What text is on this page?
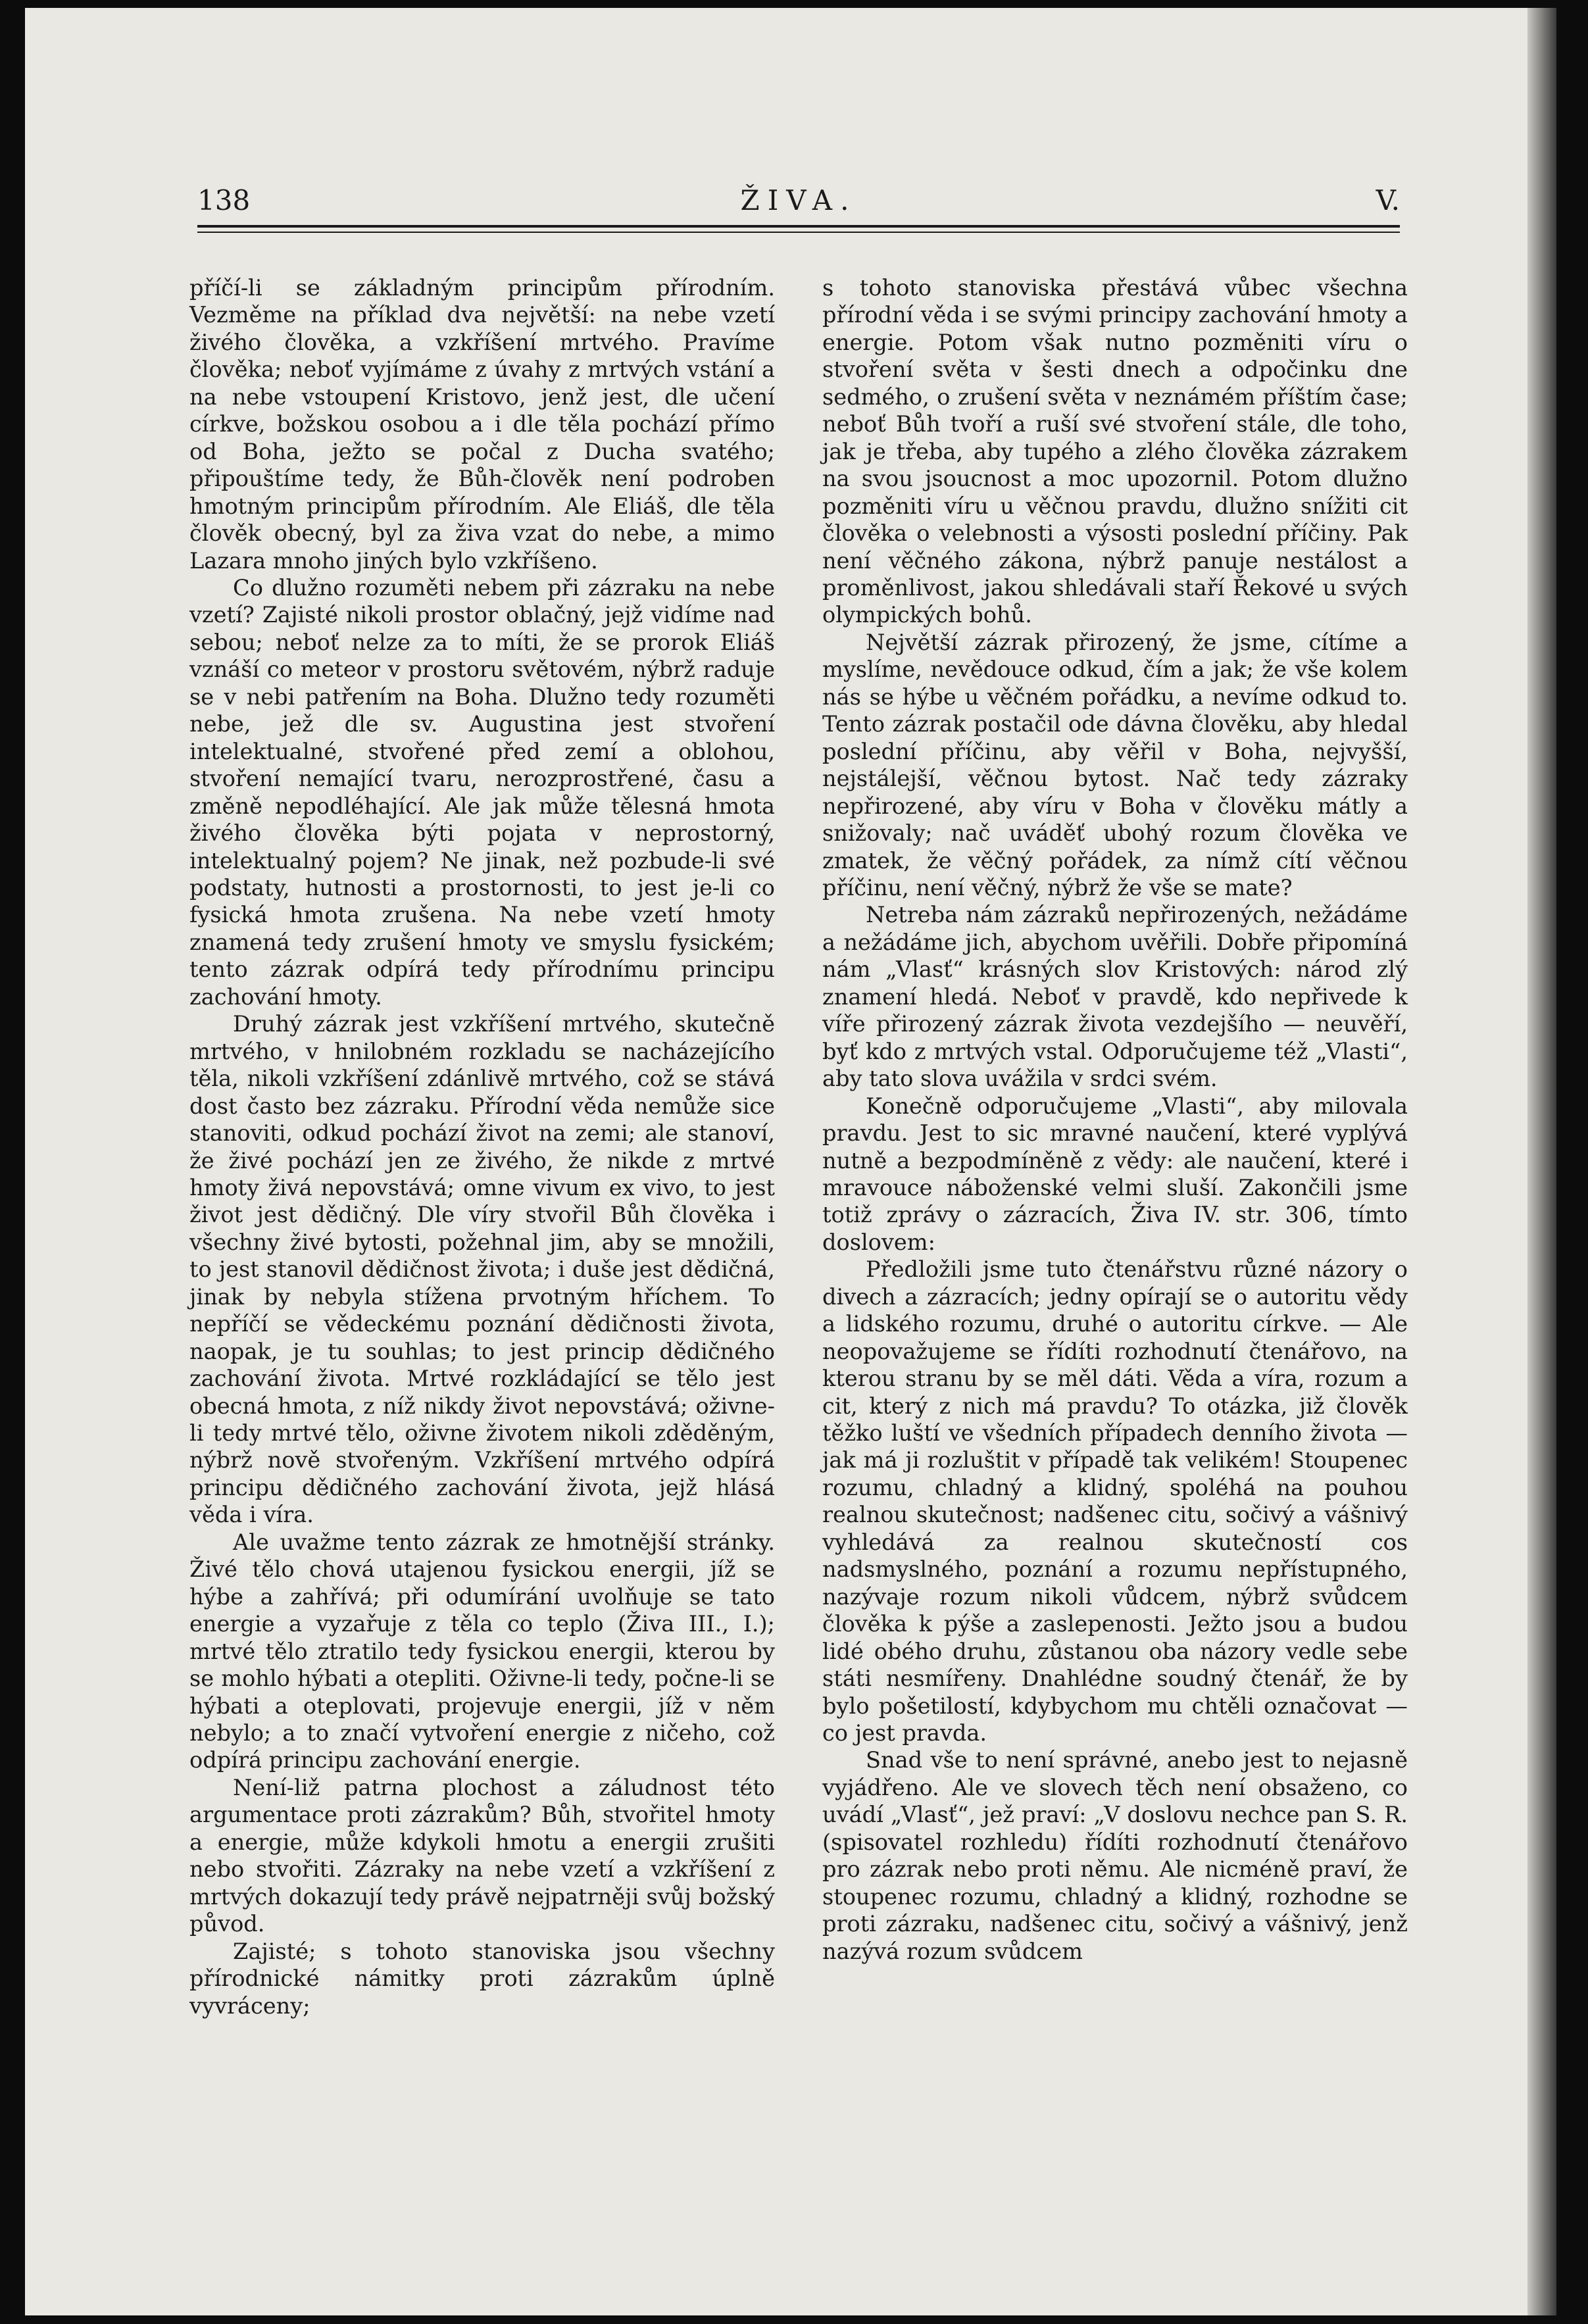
138	ŽIVA.	V.

příčí-li se základným principům přírodním. Vezměme na příklad dva největší: na nebe vzetí živého člověka, a vzkříšení mrtvého. Pravíme člověka; neboť vyjímáme z úvahy z mrtvých vstání a na nebe vstoupení Kristovo, jenž jest, dle učení církve, božskou osobou a i dle těla pochází přímo od Boha, ježto se počal z Ducha svatého; připouštíme tedy, že Bůh-člověk není podroben hmotným principům přírodním. Ale Eliáš, dle těla člověk obecný, byl za živa vzat do nebe, a mimo Lazara mnoho jiných bylo vzkříšeno.

Co dlužno rozuměti nebem při zázraku na nebe vzetí? Zajisté nikoli prostor oblačný, jejž vidíme nad sebou; neboť nelze za to míti, že se prorok Eliáš vznáší co meteor v prostoru světovém, nýbrž raduje se v nebi patřením na Boha. Dlužno tedy rozuměti nebe, jež dle sv. Augustina jest stvoření intelektualné, stvořené před zemí a oblohou, stvoření nemající tvaru, nerozprostřené, času a změně nepodléhající. Ale jak může tělesná hmota živého člověka býti pojata v neprostorný, intelektualný pojem? Ne jinak, než pozbude-li své podstaty, hutnosti a prostornosti, to jest je-li co fysická hmota zrušena. Na nebe vzetí hmoty znamená tedy zrušení hmoty ve smyslu fysickém; tento zázrak odpírá tedy přírodnímu principu zachování hmoty.

Druhý zázrak jest vzkříšení mrtvého, skutečně mrtvého, v hnilobném rozkladu se nacházejícího těla, nikoli vzkříšení zdánlivě mrtvého, což se stává dost často bez zázraku. Přírodní věda nemůže sice stanoviti, odkud pochází život na zemi; ale stanoví, že živé pochází jen ze živého, že nikde z mrtvé hmoty živá nepovstává; omne vivum ex vivo, to jest život jest dědičný. Dle víry stvořil Bůh člověka i všechny živé bytosti, požehnal jim, aby se množili, to jest stanovil dědičnost života; i duše jest dědičná, jinak by nebyla stížena prvotným hříchem. To nepříčí se vědeckému poznání dědičnosti života, naopak, je tu souhlas; to jest princip dědičného zachování života. Mrtvé rozkládající se tělo jest obecná hmota, z níž nikdy život nepovstává; oživne-li tedy mrtvé tělo, oživne životem nikoli zděděným, nýbrž nově stvořeným. Vzkříšení mrtvého odpírá principu dědičného zachování života, jejž hlásá věda i víra.

Ale uvažme tento zázrak ze hmotnější stránky. Živé tělo chová utajenou fysickou energii, jíž se hýbe a zahřívá; při odumírání uvolňuje se tato energie a vyzařuje z těla co teplo (Živa III., I.); mrtvé tělo ztratilo tedy fysickou energii, kterou by se mohlo hýbati a otepliti. Oživne-li tedy, počne-li se hýbati a oteplovati, projevuje energii, jíž v něm nebylo; a to značí vytvoření energie z ničeho, což odpírá principu zachování energie.

Není-liž patrna plochost a záludnost této argumentace proti zázrakům? Bůh, stvořitel hmoty a energie, může kdykoli hmotu a energii zrušiti nebo stvořiti. Zázraky na nebe vzetí a vzkříšení z mrtvých dokazují tedy právě nejpatrněji svůj božský původ.

Zajisté; s tohoto stanoviska jsou všechny přírodnické námitky proti zázrakům úplně vyvráceny;

s tohoto stanoviska přestává vůbec všechna přírodní věda i se svými principy zachování hmoty a energie. Potom však nutno pozměniti víru o stvoření světa v šesti dnech a odpočinku dne sedmého, o zrušení světa v neznámém příštím čase; neboť Bůh tvoří a ruší své stvoření stále, dle toho, jak je třeba, aby tupého a zlého člověka zázrakem na svou jsoucnost a moc upozornil. Potom dlužno pozměniti víru u věčnou pravdu, dlužno snížiti cit člověka o velebnosti a výsosti poslední příčiny. Pak není věčného zákona, nýbrž panuje nestálost a proměnlivost, jakou shledávali staří Řekové u svých olympických bohů.

Největší zázrak přirozený, že jsme, cítíme a myslíme, nevědouce odkud, čím a jak; že vše kolem nás se hýbe u věčném pořádku, a nevíme odkud to. Tento zázrak postačil ode dávna člověku, aby hledal poslední příčinu, aby věřil v Boha, nejvyšší, nejstálejší, věčnou bytost. Nač tedy zázraky nepřirozené, aby víru v Boha v člověku mátly a snižovaly; nač uváděť ubohý rozum člověka ve zmatek, že věčný pořádek, za nímž cítí věčnou příčinu, není věčný, nýbrž že vše se mate?

Netreba nám zázraků nepřirozených, nežádáme a nežádáme jich, abychom uvěřili. Dobře připomíná nám „Vlasť“ krásných slov Kristových: národ zlý znamení hledá. Neboť v pravdě, kdo nepřivede k víře přirozený zázrak života vezdejšího — neuvěří, byť kdo z mrtvých vstal. Odporučujeme též „Vlasti“, aby tato slova uvážila v srdci svém.

Konečně odporučujeme „Vlasti“, aby milovala pravdu. Jest to sic mravné naučení, které vyplývá nutně a bezpodmíněně z vědy: ale naučení, které i mravouce náboženské velmi sluší. Zakončili jsme totiž zprávy o zázracích, Živa IV. str. 306, tímto doslovem:

Předložili jsme tuto čtenářstvu různé názory o divech a zázracích; jedny opírají se o autoritu vědy a lidského rozumu, druhé o autoritu církve. — Ale neopovažujeme se řídíti rozhodnutí čtenářovo, na kterou stranu by se měl dáti. Věda a víra, rozum a cit, který z nich má pravdu? To otázka, již člověk těžko luští ve všedních případech denního života — jak má ji rozluštit v případě tak velikém! Stoupenec rozumu, chladný a klidný, spoléhá na pouhou realnou skutečnost; nadšenec citu, sočivý a vášnivý vyhledává za realnou skutečností cos nadsmyslného, poznání a rozumu nepřístupného, nazývaje rozum nikoli vůdcem, nýbrž svůdcem člověka k pýše a zaslepenosti. Ježto jsou a budou lidé obého druhu, zůstanou oba názory vedle sebe státi nesmířeny. Dnahlédne soudný čtenář, že by bylo pošetilostí, kdybychom mu chtěli označovat — co jest pravda.

Snad vše to není správné, anebo jest to nejasně vyjádřeno. Ale ve slovech těch není obsaženo, co uvádí „Vlasť“, jež praví: „V doslovu nechce pan S. R. (spisovatel rozhledu) řídíti rozhodnutí čtenářovo pro zázrak nebo proti němu. Ale nicméně praví, že stoupenec rozumu, chladný a klidný, rozhodne se proti zázraku, nadšenec citu, sočivý a vášnivý, jenž nazývá rozum svůdcem
